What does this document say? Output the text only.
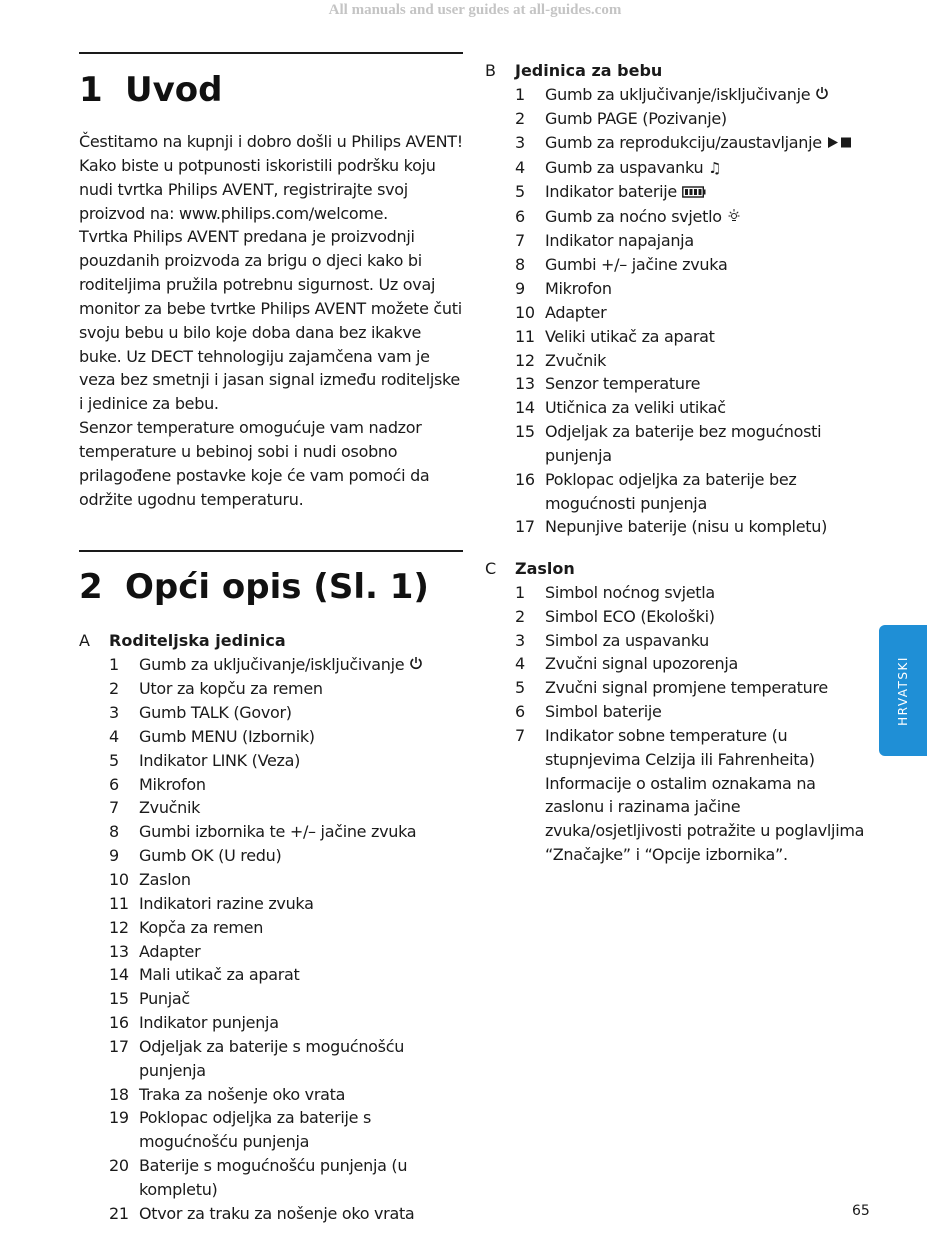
All manuals and user guides at all-guides.com
1 Uvod
Čestitamo na kupnji i dobro došli u Philips AVENT! Kako biste u potpunosti iskoristili podršku koju nudi tvrtka Philips AVENT, registrirajte svoj proizvod na: www.philips.com/welcome.
Tvrtka Philips AVENT predana je proizvodnji pouzdanih proizvoda za brigu o djeci kako bi roditeljima pružila potrebnu sigurnost. Uz ovaj monitor za bebe tvrtke Philips AVENT možete čuti svoju bebu u bilo koje doba dana bez ikakve buke. Uz DECT tehnologiju zajamčena vam je veza bez smetnji i jasan signal između roditeljske i jedinice za bebu.
Senzor temperature omogućuje vam nadzor temperature u bebinoj sobi i nudi osobno prilagođene postavke koje će vam pomoći da održite ugodnu temperaturu.
2 Opći opis (Sl. 1)
A Roditeljska jedinica
1	Gumb za uključivanje/isključivanje
2	Utor za kopču za remen
3	Gumb TALK (Govor)
4	Gumb MENU (Izbornik)
5	Indikator LINK (Veza)
6	Mikrofon
7	Zvučnik
8	Gumbi izbornika te +/– jačine zvuka
9	Gumb OK (U redu)
10 Zaslon
11 Indikatori razine zvuka
12 Kopča za remen
13 Adapter
14 Mali utikač za aparat
15 Punjač
16 Indikator punjenja
17 Odjeljak za baterije s mogućnošću punjenja
18 Traka za nošenje oko vrata
19 Poklopac odjeljka za baterije s mogućnošću punjenja
20 Baterije s mogućnošću punjenja (u kompletu)
21 Otvor za traku za nošenje oko vrata
B Jedinica za bebu
1	Gumb za uključivanje/isključivanje
2	Gumb PAGE (Pozivanje)
3	Gumb za reprodukciju/zaustavljanje
4	Gumb za uspavanku ♫
5	Indikator baterije
6	Gumb za noćno svjetlo
7	Indikator napajanja
8	Gumbi +/– jačine zvuka
9	Mikrofon
10 Adapter
11 Veliki utikač za aparat
12 Zvučnik
13 Senzor temperature
14 Utičnica za veliki utikač
15 Odjeljak za baterije bez mogućnosti punjenja
16 Poklopac odjeljka za baterije bez mogućnosti punjenja
17 Nepunjive baterije (nisu u kompletu)
C Zaslon
1	Simbol noćnog svjetla
2	Simbol ECO (Ekološki)
3	Simbol za uspavanku
4	Zvučni signal upozorenja
5	Zvučni signal promjene temperature
6	Simbol baterije
7	Indikator sobne temperature (u stupnjevima Celzija ili Fahrenheita) Informacije o ostalim oznakama na zaslonu i razinama jačine zvuka/osjetljivosti potražite u poglavljima “Značajke” i “Opcije izbornika”.
HRVATSKI
65
